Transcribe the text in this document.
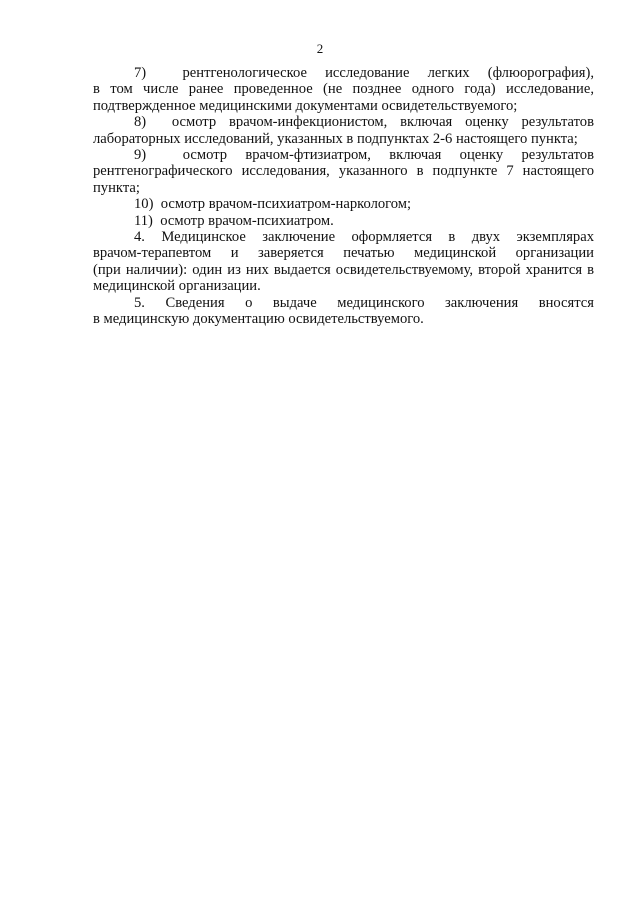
2
7)  рентгенологическое исследование легких (флюорография),
в том числе ранее проведенное (не позднее одного года) исследование,
подтвержденное медицинскими документами освидетельствуемого;
8)  осмотр врачом-инфекционистом, включая оценку результатов
лабораторных исследований, указанных в подпунктах 2-6 настоящего пункта;
9)  осмотр врачом-фтизиатром, включая оценку результатов
рентгенографического исследования, указанного в подпункте 7 настоящего
пункта;
10)  осмотр врачом-психиатром-наркологом;
11)  осмотр врачом-психиатром.
4. Медицинское заключение оформляется в двух экземплярах
врачом-терапевтом и заверяется печатью медицинской организации
(при наличии): один из них выдается освидетельствуемому, второй хранится в
медицинской организации.
5. Сведения о выдаче медицинского заключения вносятся
в медицинскую документацию освидетельствуемого.
